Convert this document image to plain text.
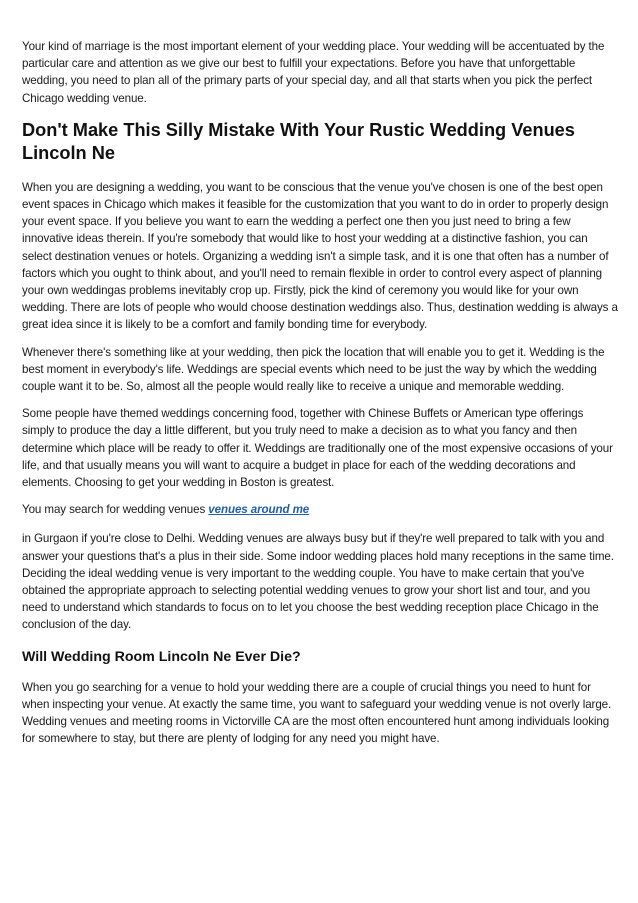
Your kind of marriage is the most important element of your wedding place. Your wedding will be accentuated by the particular care and attention as we give our best to fulfill your expectations. Before you have that unforgettable wedding, you need to plan all of the primary parts of your special day, and all that starts when you pick the perfect Chicago wedding venue.

Don't Make This Silly Mistake With Your Rustic Wedding Venues Lincoln Ne

When you are designing a wedding, you want to be conscious that the venue you've chosen is one of the best open event spaces in Chicago which makes it feasible for the customization that you want to do in order to properly design your event space. If you believe you want to earn the wedding a perfect one then you just need to bring a few innovative ideas therein. If you're somebody that would like to host your wedding at a distinctive fashion, you can select destination venues or hotels. Organizing a wedding isn't a simple task, and it is one that often has a number of factors which you ought to think about, and you'll need to remain flexible in order to control every aspect of planning your own weddingas problems inevitably crop up. Firstly, pick the kind of ceremony you would like for your own wedding. There are lots of people who would choose destination weddings also. Thus, destination wedding is always a great idea since it is likely to be a comfort and family bonding time for everybody.

Whenever there's something like at your wedding, then pick the location that will enable you to get it. Wedding is the best moment in everybody's life. Weddings are special events which need to be just the way by which the wedding couple want it to be. So, almost all the people would really like to receive a unique and memorable wedding.

Some people have themed weddings concerning food, together with Chinese Buffets or American type offerings simply to produce the day a little different, but you truly need to make a decision as to what you fancy and then determine which place will be ready to offer it. Weddings are traditionally one of the most expensive occasions of your life, and that usually means you will want to acquire a budget in place for each of the wedding decorations and elements. Choosing to get your wedding in Boston is greatest.

You may search for wedding venues venues around me

in Gurgaon if you're close to Delhi. Wedding venues are always busy but if they're well prepared to talk with you and answer your questions that's a plus in their side. Some indoor wedding places hold many receptions in the same time. Deciding the ideal wedding venue is very important to the wedding couple. You have to make certain that you've obtained the appropriate approach to selecting potential wedding venues to grow your short list and tour, and you need to understand which standards to focus on to let you choose the best wedding reception place Chicago in the conclusion of the day.

Will Wedding Room Lincoln Ne Ever Die?

When you go searching for a venue to hold your wedding there are a couple of crucial things you need to hunt for when inspecting your venue. At exactly the same time, you want to safeguard your wedding venue is not overly large. Wedding venues and meeting rooms in Victorville CA are the most often encountered hunt among individuals looking for somewhere to stay, but there are plenty of lodging for any need you might have.
